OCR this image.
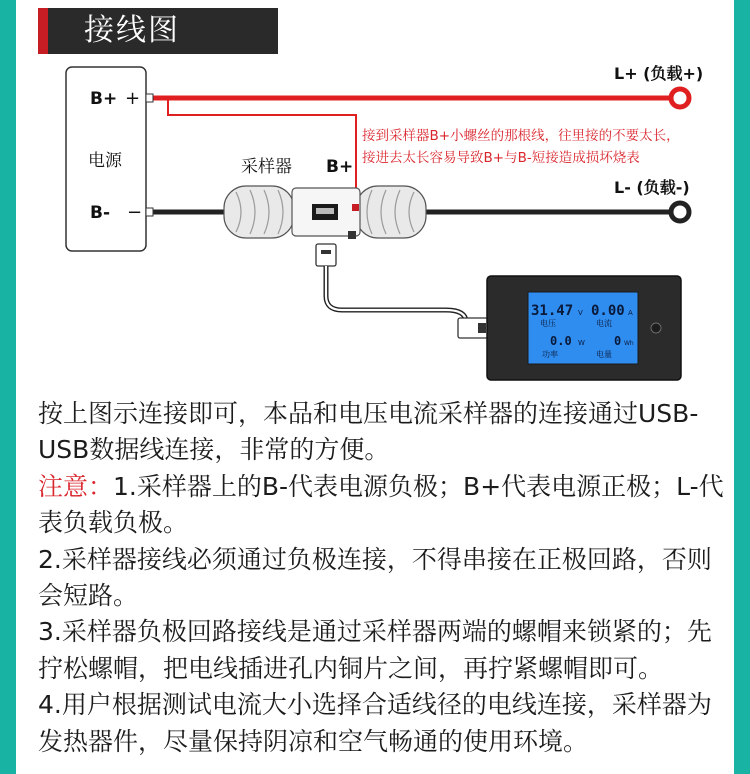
接线图
B+ +
电源
B- −
L+ (负载+)
接到采样器B+小螺丝的那根线，往里接的不要太长，
接进去太长容易导致B+与B-短接造成损坏烧表
L- (负载-)
采样器 B+
31.47 V 0.00 A
电压	电流
0.0 W 0 Wh
功率	电量

按上图示连接即可，本品和电压电流采样器的连接通过USB-USB数据线连接，非常的方便。

注意：1.采样器上的B-代表电源负极；B+代表电源正极；L-代表负载负极。

2.采样器接线必须通过负极连接，不得串接在正极回路，否则会短路。

3.采样器负极回路接线是通过采样器两端的螺帽来锁紧的；先拧松螺帽，把电线插进孔内铜片之间，再拧紧螺帽即可。

4.用户根据测试电流大小选择合适线径的电线连接，采样器为发热器件，尽量保持阴凉和空气畅通的使用环境。
